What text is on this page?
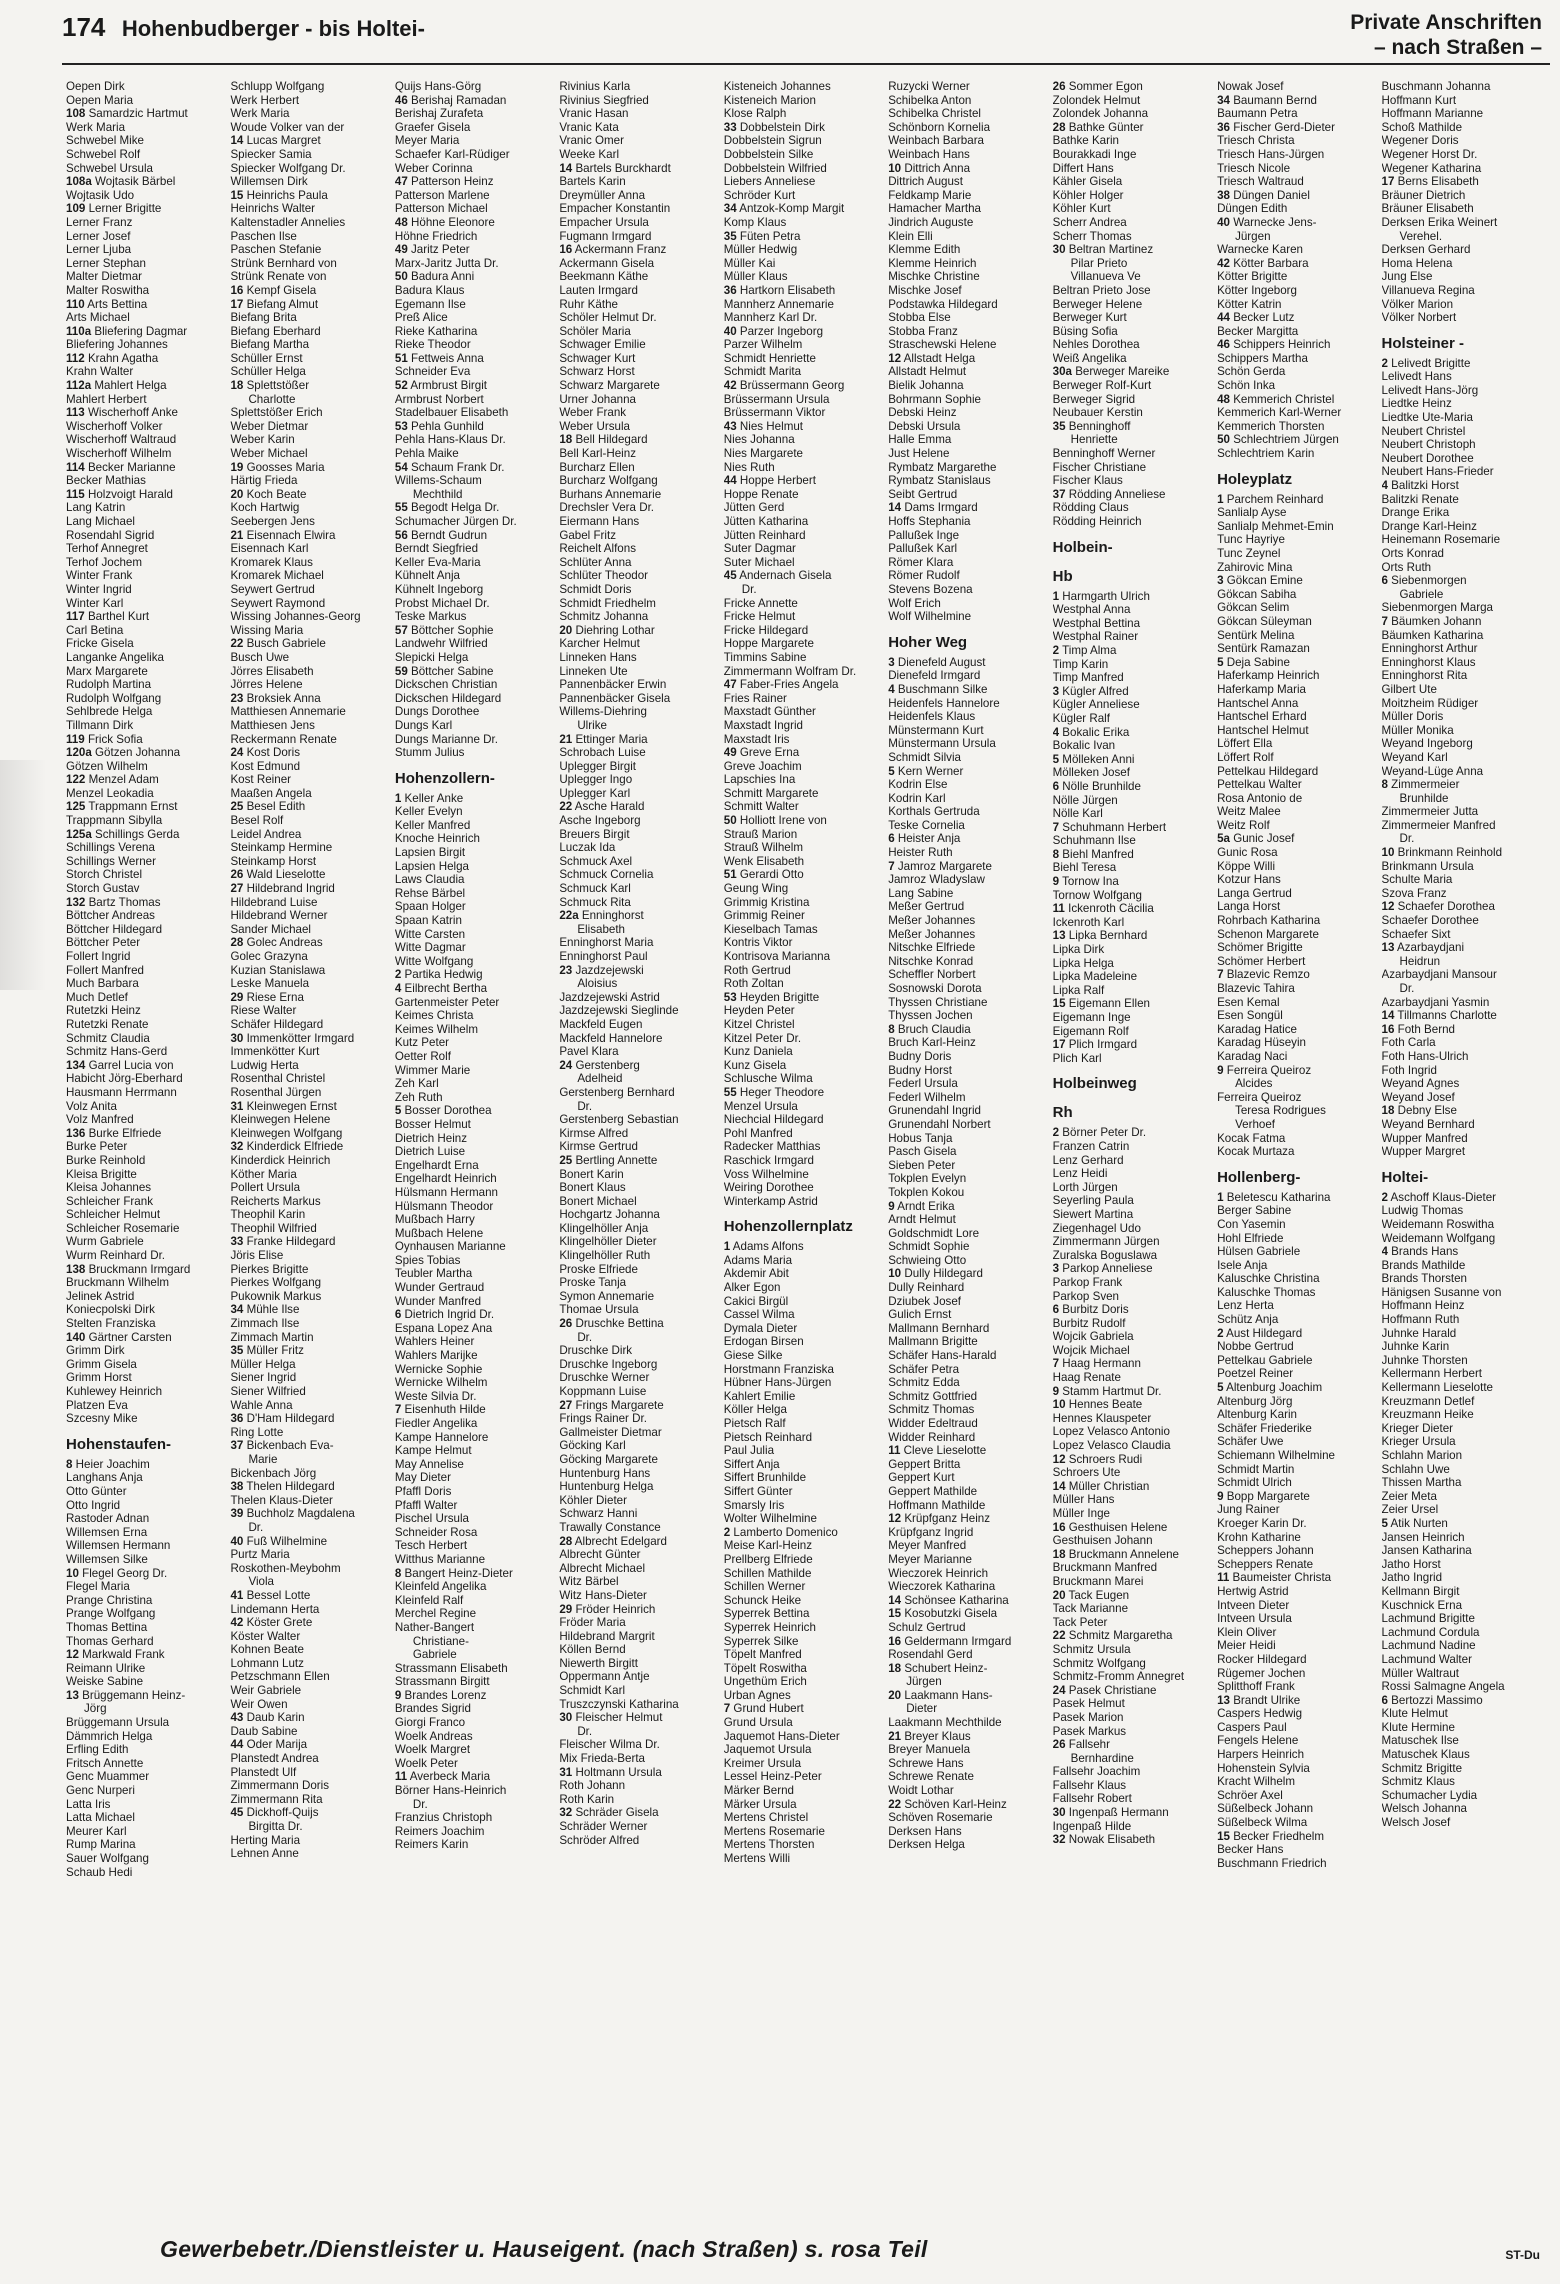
174 Hohenbudberger - bis Holtei-	Private Anschriften
– nach Straßen –
Oepen Dirk
Oepen Maria
108 Samardzic Hartmut
Werk Maria
Schwebel Mike
Schwebel Rolf
Schwebel Ursula
108a Wojtasik Bärbel
Wojtasik Udo
109 Lerner Brigitte
Lerner Franz
Lerner Josef
Lerner Ljuba
Lerner Stephan
Malter Dietmar
Malter Roswitha
110 Arts Bettina
Arts Michael
110a Bliefering Dagmar
Bliefering Johannes
112 Krahn Agatha
Krahn Walter
112a Mahlert Helga
Mahlert Herbert
113 Wischerhoff Anke
Wischerhoff Volker
Wischerhoff Waltraud
Wischerhoff Wilhelm
114 Becker Marianne
Becker Mathias
115 Holzvoigt Harald
Lang Katrin
Lang Michael
Rosendahl Sigrid
Terhof Annegret
Terhof Jochem
Winter Frank
Winter Ingrid
Winter Karl
117 Barthel Kurt
Carl Betina
Fricke Gisela
Langanke Angelika
Marx Margarete
Rudolph Martina
Rudolph Wolfgang
Sehlbrede Helga
Tillmann Dirk
119 Frick Sofia
120a Götzen Johanna
Götzen Wilhelm
122 Menzel Adam
Menzel Leokadia
125 Trappmann Ernst
Trappmann Sibylla
125a Schillings Gerda
Schillings Verena
Schillings Werner
Storch Christel
Storch Gustav
132 Bartz Thomas
Böttcher Andreas
Böttcher Hildegard
Böttcher Peter
Follert Ingrid
Follert Manfred
Much Barbara
Much Detlef
Rutetzki Heinz
Rutetzki Renate
Schmitz Claudia
Schmitz Hans-Gerd
134 Garrel Lucia von
Habicht Jörg-Eberhard
Hausmann Herrmann
Volz Anita
Volz Manfred
136 Burke Elfriede
Burke Peter
Burke Reinhold
Kleisa Brigitte
Kleisa Johannes
Schleicher Frank
Schleicher Helmut
Schleicher Rosemarie
Wurm Gabriele
Wurm Reinhard Dr.
138 Bruckmann Irmgard
Bruckmann Wilhelm
Jelinek Astrid
Koniecpolski Dirk
Stelten Franziska
140 Gärtner Carsten
Grimm Dirk
Grimm Gisela
Grimm Horst
Kuhlewey Heinrich
Platzen Eva
Szcesny Mike
Hohenstaufen-
8 Heier Joachim
Langhans Anja
Otto Günter
Otto Ingrid
Rastoder Adnan
Willemsen Erna
Willemsen Hermann
Willemsen Silke
10 Flegel Georg Dr.
Flegel Maria
Prange Christina
Prange Wolfgang
Thomas Bettina
Thomas Gerhard
12 Markwald Frank
Reimann Ulrike
Weiske Sabine
13 Brüggemann Heinz-
Jörg
Brüggemann Ursula
Dämmrich Helga
Erfling Edith
Fritsch Annette
Genc Muammer
Genc Nurperi
Latta Iris
Latta Michael
Meurer Karl
Rump Marina
Sauer Wolfgang
Schaub Hedi
Schlupp Wolfgang
Werk Herbert
Werk Maria
Woude Volker van der
14 Lucas Margret
Spiecker Samia
Spiecker Wolfgang Dr.
Willemsen Dirk
15 Heinrichs Paula
Heinrichs Walter
Kaltenstadler Annelies
Paschen Ilse
Paschen Stefanie
Strünk Bernhard von
Strünk Renate von
16 Kempf Gisela
17 Biefang Almut
Biefang Brita
Biefang Eberhard
Biefang Martha
Schüller Ernst
Schüller Helga
18 Splettstößer
Charlotte
Splettstößer Erich
Weber Dietmar
Weber Karin
Weber Michael
19 Goosses Maria
Härtig Frieda
20 Koch Beate
Koch Hartwig
Seebergen Jens
21 Eisennach Elwira
Eisennach Karl
Kromarek Klaus
Kromarek Michael
Seywert Gertrud
Seywert Raymond
Wissing Johannes-Georg
Wissing Maria
22 Busch Gabriele
Busch Uwe
Jörres Elisabeth
Jörres Helene
23 Broksiek Anna
Matthiesen Annemarie
Matthiesen Jens
Reckermann Renate
24 Kost Doris
Kost Edmund
Kost Reiner
Maaßen Angela
25 Besel Edith
Besel Rolf
Leidel Andrea
Steinkamp Hermine
Steinkamp Horst
26 Wald Lieselotte
27 Hildebrand Ingrid
Hildebrand Luise
Hildebrand Werner
Sander Michael
28 Golec Andreas
Golec Grazyna
Kuzian Stanislawa
Leske Manuela
29 Riese Erna
Riese Walter
Schäfer Hildegard
30 Immenkötter Irmgard
Immenkötter Kurt
Ludwig Herta
Rosenthal Christel
Rosenthal Jürgen
31 Kleinwegen Ernst
Kleinwegen Helene
Kleinwegen Wolfgang
32 Kinderdick Elfriede
Kinderdick Heinrich
Köther Maria
Pollert Ursula
Reicherts Markus
Theophil Karin
Theophil Wilfried
33 Franke Hildegard
Jöris Elise
Pierkes Brigitte
Pierkes Wolfgang
Pukownik Markus
34 Mühle Ilse
Zimmach Ilse
Zimmach Martin
35 Müller Fritz
Müller Helga
Siener Ingrid
Siener Wilfried
Wahle Anna
36 D'Ham Hildegard
Ring Lotte
37 Bickenbach Eva-
Marie
Bickenbach Jörg
38 Thelen Hildegard
Thelen Klaus-Dieter
39 Buchholz Magdalena
Dr.
40 Fuß Wilhelmine
Purtz Maria
Roskothen-Meybohm
Viola
41 Bessel Lotte
Lindemann Herta
42 Köster Grete
Köster Walter
Kohnen Beate
Lohmann Lutz
Petzschmann Ellen
Weir Gabriele
Weir Owen
43 Daub Karin
Daub Sabine
44 Oder Marija
Planstedt Andrea
Planstedt Ulf
Zimmermann Doris
Zimmermann Rita
45 Dickhoff-Quijs
Birgitta Dr.
Herting Maria
Lehnen Anne
Quijs Hans-Görg
46 Berishaj Ramadan
Berishaj Zurafeta
Graefer Gisela
Meyer Maria
Schaefer Karl-Rüdiger
Weber Corinna
47 Patterson Heinz
Patterson Marlene
Patterson Michael
48 Höhne Eleonore
Höhne Friedrich
49 Jaritz Peter
Marx-Jaritz Jutta Dr.
50 Badura Anni
Badura Klaus
Egemann Ilse
Preß Alice
Rieke Katharina
Rieke Theodor
51 Fettweis Anna
Schneider Eva
52 Armbrust Birgit
Armbrust Norbert
Stadelbauer Elisabeth
53 Pehla Gunhild
Pehla Hans-Klaus Dr.
Pehla Maike
54 Schaum Frank Dr.
Willems-Schaum
Mechthild
55 Begodt Helga Dr.
Schumacher Jürgen Dr.
56 Berndt Gudrun
Berndt Siegfried
Keller Eva-Maria
Kühnelt Anja
Kühnelt Ingeborg
Probst Michael Dr.
Teske Markus
57 Böttcher Sophie
Landwehr Wilfried
Slepicki Helga
59 Böttcher Sabine
Dickschen Christian
Dickschen Hildegard
Dungs Dorothee
Dungs Karl
Dungs Marianne Dr.
Stumm Julius
Hohenzollern-
1 Keller Anke
Keller Evelyn
Keller Manfred
Knoche Heinrich
Lapsien Birgit
Lapsien Helga
Laws Claudia
Rehse Bärbel
Spaan Holger
Spaan Katrin
Witte Carsten
Witte Dagmar
Witte Wolfgang
2 Partika Hedwig
4 Eilbrecht Bertha
Gartenmeister Peter
Keimes Christa
Keimes Wilhelm
Kutz Peter
Oetter Rolf
Wimmer Marie
Zeh Karl
Zeh Ruth
5 Bosser Dorothea
Bosser Helmut
Dietrich Heinz
Dietrich Luise
Engelhardt Erna
Engelhardt Heinrich
Hülsmann Hermann
Hülsmann Theodor
Mußbach Harry
Mußbach Helene
Oynhausen Marianne
Spies Tobias
Teubler Martha
Wunder Gertraud
Wunder Manfred
6 Dietrich Ingrid Dr.
Espana Lopez Ana
Wahlers Heiner
Wahlers Marijke
Wernicke Sophie
Wernicke Wilhelm
Weste Silvia Dr.
7 Eisenhuth Hilde
Fiedler Angelika
Kampe Hannelore
Kampe Helmut
May Annelise
May Dieter
Pfaffl Doris
Pfaffl Walter
Pischel Ursula
Schneider Rosa
Tesch Herbert
Witthus Marianne
8 Bangert Heinz-Dieter
Kleinfeld Angelika
Kleinfeld Ralf
Merchel Regine
Nather-Bangert
Christiane-
Gabriele
Strassmann Elisabeth
Strassmann Birgitt
9 Brandes Lorenz
Brandes Sigrid
Giorgi Franco
Woelk Andreas
Woelk Margret
Woelk Peter
11 Averbeck Maria
Börner Hans-Heinrich
Dr.
Franzius Christoph
Reimers Joachim
Reimers Karin
Rivinius Karla
Rivinius Siegfried
Vranic Hasan
Vranic Kata
Vranic Omer
Weeke Karl
14 Bartels Burckhardt
Bartels Karin
Dreymüller Anna
Empacher Konstantin
Empacher Ursula
Fugmann Irmgard
16 Ackermann Franz
Ackermann Gisela
Beekmann Käthe
Lauten Irmgard
Ruhr Käthe
Schöler Helmut Dr.
Schöler Maria
Schwager Emilie
Schwager Kurt
Schwarz Horst
Schwarz Margarete
Urner Johanna
Weber Frank
Weber Ursula
18 Bell Hildegard
Bell Karl-Heinz
Burcharz Ellen
Burcharz Wolfgang
Burhans Annemarie
Drechsler Vera Dr.
Eiermann Hans
Gabel Fritz
Reichelt Alfons
Schlüter Anna
Schlüter Theodor
Schmidt Doris
Schmidt Friedhelm
Schmitz Johanna
20 Diehring Lothar
Karcher Helmut
Linneken Hans
Linneken Ute
Pannenbäcker Erwin
Pannenbäcker Gisela
Willems-Diehring
Ulrike
21 Ettinger Maria
Schrobach Luise
Uplegger Birgit
Uplegger Ingo
Uplegger Karl
22 Asche Harald
Asche Ingeborg
Breuers Birgit
Luczak Ida
Schmuck Axel
Schmuck Cornelia
Schmuck Karl
Schmuck Rita
22a Enninghorst
Elisabeth
Enninghorst Maria
Enninghorst Paul
23 Jazdzejewski
Aloisius
Jazdzejewski Astrid
Jazdzejewski Sieglinde
Mackfeld Eugen
Mackfeld Hannelore
Pavel Klara
24 Gerstenberg
Adelheid
Gerstenberg Bernhard
Dr.
Gerstenberg Sebastian
Kirmse Alfred
Kirmse Gertrud
25 Bertling Annette
Bonert Karin
Bonert Klaus
Bonert Michael
Hochgartz Johanna
Klingelhöller Anja
Klingelhöller Dieter
Klingelhöller Ruth
Proske Elfriede
Proske Tanja
Symon Annemarie
Thomae Ursula
26 Druschke Bettina
Dr.
Druschke Dirk
Druschke Ingeborg
Druschke Werner
Koppmann Luise
27 Frings Margarete
Frings Rainer Dr.
Gallmeister Dietmar
Göcking Karl
Göcking Margarete
Huntenburg Hans
Huntenburg Helga
Köhler Dieter
Schwarz Hanni
Trawally Constance
28 Albrecht Edelgard
Albrecht Günter
Albrecht Michael
Witz Bärbel
Witz Hans-Dieter
29 Fröder Heinrich
Fröder Maria
Hildebrand Margrit
Köllen Bernd
Niewerth Birgitt
Oppermann Antje
Schmidt Karl
Truszczynski Katharina
30 Fleischer Helmut
Dr.
Fleischer Wilma Dr.
Mix Frieda-Berta
31 Holtmann Ursula
Roth Johann
Roth Karin
32 Schräder Gisela
Schräder Werner
Schröder Alfred
Kisteneich Johannes
Kisteneich Marion
Klose Ralph
33 Dobbelstein Dirk
Dobbelstein Sigrun
Dobbelstein Silke
Dobbelstein Wilfried
Liebers Anneliese
Schröder Kurt
34 Antzok-Komp Margit
Komp Klaus
35 Füten Petra
Müller Hedwig
Müller Kai
Müller Klaus
36 Hartkorn Elisabeth
Mannherz Annemarie
Mannherz Karl Dr.
40 Parzer Ingeborg
Parzer Wilhelm
Schmidt Henriette
Schmidt Marita
42 Brüssermann Georg
Brüssermann Ursula
Brüssermann Viktor
43 Nies Helmut
Nies Johanna
Nies Margarete
Nies Ruth
44 Hoppe Herbert
Hoppe Renate
Jütten Gerd
Jütten Katharina
Jütten Reinhard
Suter Dagmar
Suter Michael
45 Andernach Gisela
Dr.
Fricke Annette
Fricke Helmut
Fricke Hildegard
Hoppe Margarete
Timmins Sabine
Zimmermann Wolfram Dr.
47 Faber-Fries Angela
Fries Rainer
Maxstadt Günther
Maxstadt Ingrid
Maxstadt Iris
49 Greve Erna
Greve Joachim
Lapschies Ina
Schmitt Margarete
Schmitt Walter
50 Holliott Irene von
Strauß Marion
Strauß Wilhelm
Wenk Elisabeth
51 Gerardi Otto
Geung Wing
Grimmig Kristina
Grimmig Reiner
Kieselbach Tamas
Kontris Viktor
Kontrisova Marianna
Roth Gertrud
Roth Zoltan
53 Heyden Brigitte
Heyden Peter
Kitzel Christel
Kitzel Peter Dr.
Kunz Daniela
Kunz Gisela
Schlusche Wilma
55 Heger Theodore
Menzel Ursula
Niechcial Hildegard
Pohl Manfred
Radecker Matthias
Raschick Irmgard
Voss Wilhelmine
Weiring Dorothee
Winterkamp Astrid
Hohenzollernplatz
1 Adams Alfons
Adams Maria
Akdemir Abit
Alker Egon
Cakici Birgül
Cassel Wilma
Dymala Dieter
Erdogan Birsen
Giese Silke
Horstmann Franziska
Hübner Hans-Jürgen
Kahlert Emilie
Köller Helga
Pietsch Ralf
Pietsch Reinhard
Paul Julia
Siffert Anja
Siffert Brunhilde
Siffert Günter
Smarsly Iris
Wolter Wilhelmine
2 Lamberto Domenico
Meise Karl-Heinz
Prellberg Elfriede
Schillen Mathilde
Schillen Werner
Schunck Heike
Syperrek Bettina
Syperrek Heinrich
Syperrek Silke
Töpelt Manfred
Töpelt Roswitha
Ungethüm Erich
Urban Agnes
7 Grund Hubert
Grund Ursula
Jaquemot Hans-Dieter
Jaquemot Ursula
Kreimer Ursula
Lessel Heinz-Peter
Märker Bernd
Märker Ursula
Mertens Christel
Mertens Rosemarie
Mertens Thorsten
Mertens Willi
Ruzycki Werner
Schibelka Anton
Schibelka Christel
Schönborn Kornelia
Weinbach Barbara
Weinbach Hans
10 Dittrich Anna
Dittrich August
Feldkamp Marie
Hamacher Martha
Jindrich Auguste
Klein Elli
Klemme Edith
Klemme Heinrich
Mischke Christine
Mischke Josef
Podstawka Hildegard
Stobba Else
Stobba Franz
Straschewski Helene
12 Allstadt Helga
Allstadt Helmut
Bielik Johanna
Bohrmann Sophie
Debski Heinz
Debski Ursula
Halle Emma
Just Helene
Rymbatz Margarethe
Rymbatz Stanislaus
Seibt Gertrud
14 Dams Irmgard
Hoffs Stephania
Pallußek Inge
Pallußek Karl
Römer Klara
Römer Rudolf
Stevens Bozena
Wolf Erich
Wolf Wilhelmine
Hoher Weg
3 Dienefeld August
Dienefeld Irmgard
4 Buschmann Silke
Heidenfels Hannelore
Heidenfels Klaus
Münstermann Kurt
Münstermann Ursula
Schmidt Silvia
5 Kern Werner
Kodrin Else
Kodrin Karl
Korthals Gertruda
Teske Cornelia
6 Heister Anja
Heister Ruth
7 Jamroz Margarete
Jamroz Wladyslaw
Lang Sabine
Meßer Gertrud
Meßer Johannes
Meßer Johannes
Nitschke Elfriede
Nitschke Konrad
Scheffler Norbert
Sosnowski Dorota
Thyssen Christiane
Thyssen Jochen
8 Bruch Claudia
Bruch Karl-Heinz
Budny Doris
Budny Horst
Federl Ursula
Federl Wilhelm
Grunendahl Ingrid
Grunendahl Norbert
Hobus Tanja
Pasch Gisela
Sieben Peter
Tokplen Evelyn
Tokplen Kokou
9 Arndt Erika
Arndt Helmut
Goldschmidt Lore
Schmidt Sophie
Schwieing Otto
10 Dully Hildegard
Dully Reinhard
Dziubek Josef
Gulich Ernst
Mallmann Bernhard
Mallmann Brigitte
Schäfer Hans-Harald
Schäfer Petra
Schmitz Edda
Schmitz Gottfried
Schmitz Thomas
Widder Edeltraud
Widder Reinhard
11 Cleve Lieselotte
Geppert Britta
Geppert Kurt
Geppert Mathilde
Hoffmann Mathilde
12 Krüpfganz Heinz
Krüpfganz Ingrid
Meyer Manfred
Meyer Marianne
Wieczorek Heinrich
Wieczorek Katharina
14 Schönsee Katharina
15 Kosobutzki Gisela
Schulz Gertrud
16 Geldermann Irmgard
Rosendahl Gerd
18 Schubert Heinz-
Jürgen
20 Laakmann Hans-
Dieter
Laakmann Mechthilde
21 Breyer Klaus
Breyer Manuela
Schrewe Hans
Schrewe Renate
Woidt Lothar
22 Schöven Karl-Heinz
Schöven Rosemarie
Derksen Hans
Derksen Helga
26 Sommer Egon
Zolondek Helmut
Zolondek Johanna
28 Bathke Günter
Bathke Karin
Bourakkadi Inge
Differt Hans
Kähler Gisela
Köhler Holger
Köhler Kurt
Scherr Andrea
Scherr Thomas
30 Beltran Martinez
Pilar Prieto
Villanueva Ve
Beltran Prieto Jose
Berweger Helene
Berweger Kurt
Büsing Sofia
Nehles Dorothea
Weiß Angelika
30a Berweger Mareike
Berweger Rolf-Kurt
Berweger Sigrid
Neubauer Kerstin
35 Benninghoff
Henriette
Benninghoff Werner
Fischer Christiane
Fischer Klaus
37 Rödding Anneliese
Rödding Claus
Rödding Heinrich
Holbein-
Hb
1 Harmgarth Ulrich
Westphal Anna
Westphal Bettina
Westphal Rainer
2 Timp Alma
Timp Karin
Timp Manfred
3 Kügler Alfred
Kügler Anneliese
Kügler Ralf
4 Bokalic Erika
Bokalic Ivan
5 Mölleken Anni
Mölleken Josef
6 Nölle Brunhilde
Nölle Jürgen
Nölle Karl
7 Schuhmann Herbert
Schuhmann Ilse
8 Biehl Manfred
Biehl Teresa
9 Tornow Ina
Tornow Wolfgang
11 Ickenroth Cäcilia
Ickenroth Karl
13 Lipka Bernhard
Lipka Dirk
Lipka Helga
Lipka Madeleine
Lipka Ralf
15 Eigemann Ellen
Eigemann Inge
Eigemann Rolf
17 Plich Irmgard
Plich Karl
Holbeinweg
Rh
2 Börner Peter Dr.
Franzen Catrin
Lenz Gerhard
Lenz Heidi
Lorth Jürgen
Seyerling Paula
Siewert Martina
Ziegenhagel Udo
Zimmermann Jürgen
Zuralska Boguslawa
3 Parkop Anneliese
Parkop Frank
Parkop Sven
6 Burbitz Doris
Burbitz Rudolf
Wojcik Gabriela
Wojcik Michael
7 Haag Hermann
Haag Renate
9 Stamm Hartmut Dr.
10 Hennes Beate
Hennes Klauspeter
Lopez Velasco Antonio
Lopez Velasco Claudia
12 Schroers Rudi
Schroers Ute
14 Müller Christian
Müller Hans
Müller Inge
16 Gesthuisen Helene
Gesthuisen Johann
18 Bruckmann Annelene
Bruckmann Manfred
Bruckmann Marei
20 Tack Eugen
Tack Marianne
Tack Peter
22 Schmitz Margaretha
Schmitz Ursula
Schmitz Wolfgang
Schmitz-Fromm Annegret
24 Pasek Christiane
Pasek Helmut
Pasek Marion
Pasek Markus
26 Fallsehr
Bernhardine
Fallsehr Joachim
Fallsehr Klaus
Fallsehr Robert
30 Ingenpaß Hermann
Ingenpaß Hilde
32 Nowak Elisabeth
Nowak Josef
34 Baumann Bernd
Baumann Petra
36 Fischer Gerd-Dieter
Triesch Christa
Triesch Hans-Jürgen
Triesch Nicole
Triesch Waltraud
38 Düngen Daniel
Düngen Edith
40 Warnecke Jens-
Jürgen
Warnecke Karen
42 Kötter Barbara
Kötter Brigitte
Kötter Ingeborg
Kötter Katrin
44 Becker Lutz
Becker Margitta
46 Schippers Heinrich
Schippers Martha
Schön Gerda
Schön Inka
48 Kemmerich Christel
Kemmerich Karl-Werner
Kemmerich Thorsten
50 Schlechtriem Jürgen
Schlechtriem Karin
Holeyplatz
1 Parchem Reinhard
Sanlialp Ayse
Sanlialp Mehmet-Emin
Tunc Hayriye
Tunc Zeynel
Zahirovic Mina
3 Gökcan Emine
Gökcan Sabiha
Gökcan Selim
Gökcan Süleyman
Sentürk Melina
Sentürk Ramazan
5 Deja Sabine
Haferkamp Heinrich
Haferkamp Maria
Hantschel Anna
Hantschel Erhard
Hantschel Helmut
Löffert Ella
Löffert Rolf
Pettelkau Hildegard
Pettelkau Walter
Rosa Antonio de
Weitz Malee
Weitz Rolf
5a Gunic Josef
Gunic Rosa
Köppe Willi
Kotzur Hans
Langa Gertrud
Langa Horst
Rohrbach Katharina
Schenon Margarete
Schömer Brigitte
Schömer Herbert
7 Blazevic Remzo
Blazevic Tahira
Esen Kemal
Esen Songül
Karadag Hatice
Karadag Hüseyin
Karadag Naci
9 Ferreira Queiroz
Alcides
Ferreira Queiroz
Teresa Rodrigues
Verhoef
Kocak Fatma
Kocak Murtaza
Hollenberg-
1 Beletescu Katharina
Berger Sabine
Con Yasemin
Hohl Elfriede
Hülsen Gabriele
Isele Anja
Kaluschke Christina
Kaluschke Thomas
Lenz Herta
Schütz Anja
2 Aust Hildegard
Nobbe Gertrud
Pettelkau Gabriele
Poetzel Reiner
5 Altenburg Joachim
Altenburg Jörg
Altenburg Karin
Schäfer Friederike
Schäfer Uwe
Schiemann Wilhelmine
Schmidt Martin
Schmidt Ulrich
9 Bopp Margarete
Jung Rainer
Kroeger Karin Dr.
Krohn Katharine
Scheppers Johann
Scheppers Renate
11 Baumeister Christa
Hertwig Astrid
Intveen Dieter
Intveen Ursula
Klein Oliver
Meier Heidi
Rocker Hildegard
Rügemer Jochen
Splitthoff Frank
13 Brandt Ulrike
Caspers Hedwig
Caspers Paul
Fengels Helene
Harpers Heinrich
Hohenstein Sylvia
Kracht Wilhelm
Schröer Axel
Süßelbeck Johann
Süßelbeck Wilma
15 Becker Friedhelm
Becker Hans
Buschmann Friedrich
Buschmann Johanna
Hoffmann Kurt
Hoffmann Marianne
Schoß Mathilde
Wegener Doris
Wegener Horst Dr.
Wegener Katharina
17 Berns Elisabeth
Bräuner Dietrich
Bräuner Elisabeth
Derksen Erika Weinert
Verehel.
Derksen Gerhard
Homa Helena
Jung Else
Villanueva Regina
Völker Marion
Völker Norbert
Holsteiner -
2 Lelivedt Brigitte
Lelivedt Hans
Lelivedt Hans-Jörg
Liedtke Heinz
Liedtke Ute-Maria
Neubert Christel
Neubert Christoph
Neubert Dorothee
Neubert Hans-Frieder
4 Balitzki Horst
Balitzki Renate
Drange Erika
Drange Karl-Heinz
Heinemann Rosemarie
Orts Konrad
Orts Ruth
6 Siebenmorgen
Gabriele
Siebenmorgen Marga
7 Bäumken Johann
Bäumken Katharina
Enninghorst Arthur
Enninghorst Klaus
Enninghorst Rita
Gilbert Ute
Moitzheim Rüdiger
Müller Doris
Müller Monika
Weyand Ingeborg
Weyand Karl
Weyand-Lüge Anna
8 Zimmermeier
Brunhilde
Zimmermeier Jutta
Zimmermeier Manfred
Dr.
10 Brinkmann Reinhold
Brinkmann Ursula
Schulte Maria
Szova Franz
12 Schaefer Dorothea
Schaefer Dorothee
Schaefer Sixt
13 Azarbaydjani
Heidrun
Azarbaydjani Mansour
Dr.
Azarbaydjani Yasmin
14 Tillmanns Charlotte
16 Foth Bernd
Foth Carla
Foth Hans-Ulrich
Foth Ingrid
Weyand Agnes
Weyand Josef
18 Debny Else
Weyand Bernhard
Wupper Manfred
Wupper Margret
Holtei-
2 Aschoff Klaus-Dieter
Ludwig Thomas
Weidemann Roswitha
Weidemann Wolfgang
4 Brands Hans
Brands Mathilde
Brands Thorsten
Hänigsen Susanne von
Hoffmann Heinz
Hoffmann Ruth
Juhnke Harald
Juhnke Karin
Juhnke Thorsten
Kellermann Herbert
Kellermann Lieselotte
Kreuzmann Detlef
Kreuzmann Heike
Krieger Dieter
Krieger Ursula
Schlahn Marion
Schlahn Uwe
Thissen Martha
Zeier Meta
Zeier Ursel
5 Atik Nurten
Jansen Heinrich
Jansen Katharina
Jatho Horst
Jatho Ingrid
Kellmann Birgit
Kuschnick Erna
Lachmund Brigitte
Lachmund Cordula
Lachmund Nadine
Lachmund Walter
Müller Waltraut
Rossi Salmagne Angela
6 Bertozzi Massimo
Klute Helmut
Klute Hermine
Matuschek Ilse
Matuschek Klaus
Schmitz Brigitte
Schmitz Klaus
Schumacher Lydia
Welsch Johanna
Welsch Josef
Gewerbebetr./Dienstleister u. Hauseigent. (nach Straßen) s. rosa Teil	ST-Du
